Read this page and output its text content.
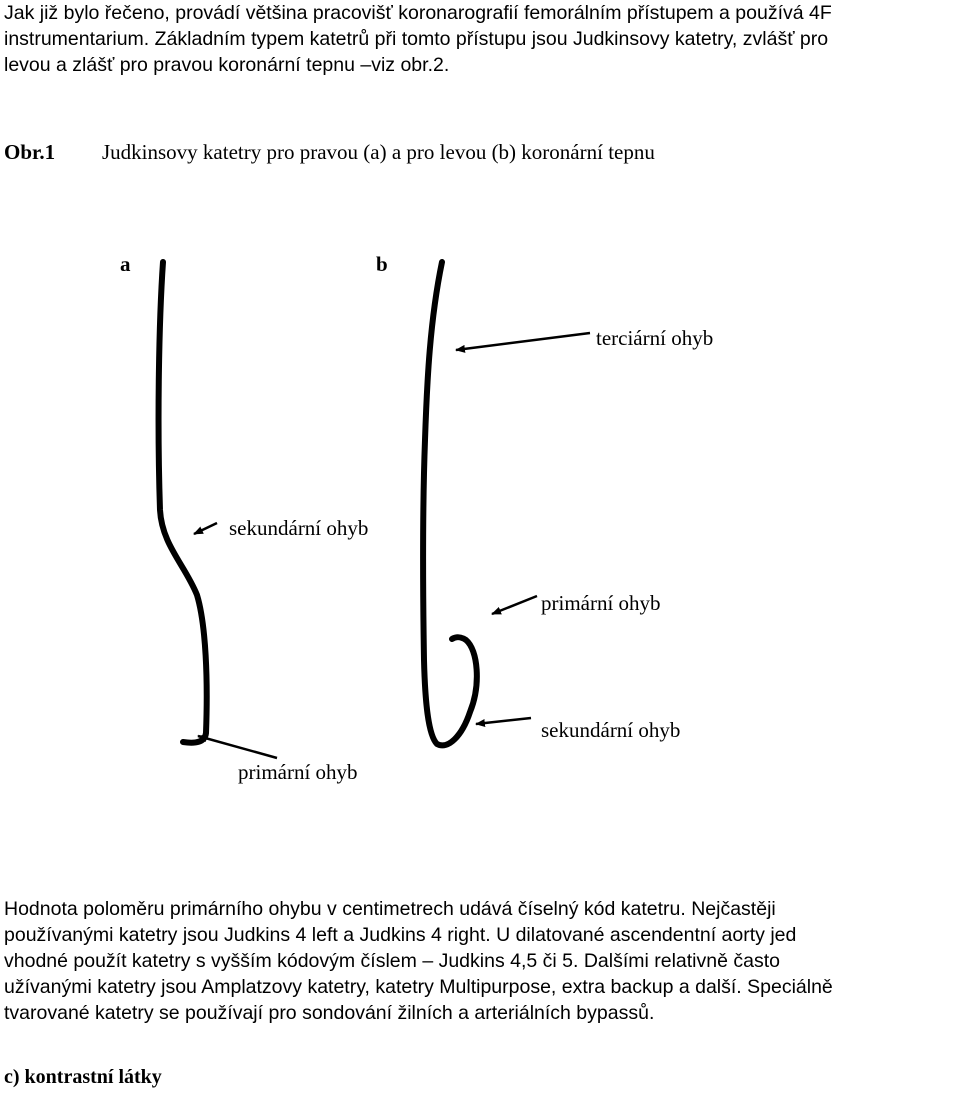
Jak již bylo řečeno, provádí většina pracovišť koronarografií femorálním přístupem a používá 4F
instrumentarium. Základním typem katetrů při tomto přístupu jsou Judkinsovy katetry, zvlášť pro
levou a zlášť pro pravou koronární tepnu –viz obr.2.
Obr.1 Judkinsovy katetry pro pravou (a) a pro levou (b) koronární tepnu
a	b
terciární ohyb
sekundární ohyb
primární ohyb
sekundární ohyb
primární ohyb
Hodnota poloměru primárního ohybu v centimetrech udává číselný kód katetru. Nejčastěji
používanými katetry jsou Judkins 4 left a Judkins 4 right. U dilatované ascendentní aorty jed
vhodné použít katetry s vyšším kódovým číslem – Judkins 4,5 či 5. Dalšími relativně často
užívanými katetry jsou Amplatzovy katetry, katetry Multipurpose, extra backup a další. Speciálně
tvarované katetry se používají pro sondování žilních a arteriálních bypassů.
c) kontrastní látky
